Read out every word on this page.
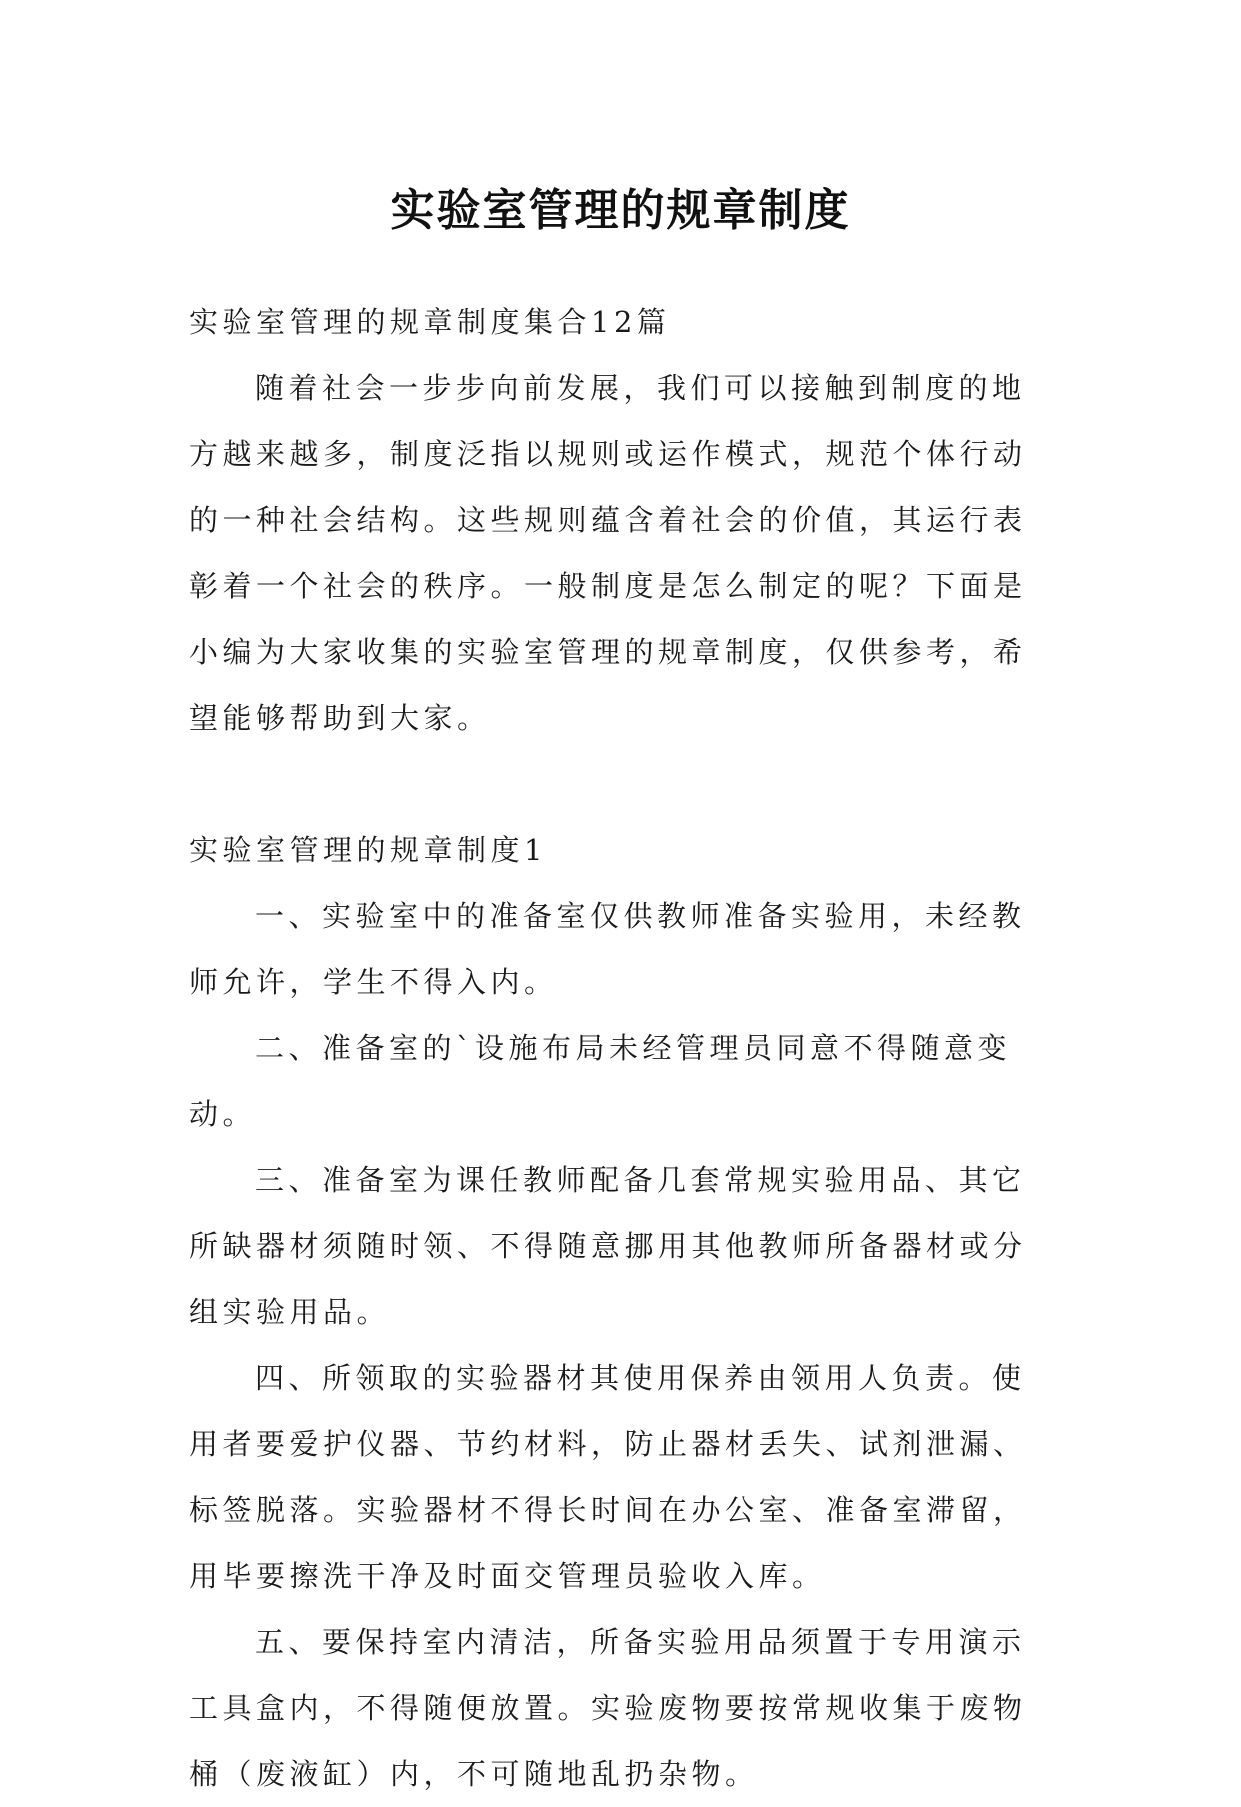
实验室管理的规章制度

实验室管理的规章制度集合12篇

随着社会一步步向前发展，我们可以接触到制度的地方越来越多，制度泛指以规则或运作模式，规范个体行动的一种社会结构。这些规则蕴含着社会的价值，其运行表彰着一个社会的秩序。一般制度是怎么制定的呢？下面是小编为大家收集的实验室管理的规章制度，仅供参考，希望能够帮助到大家。

实验室管理的规章制度1

一、实验室中的准备室仅供教师准备实验用，未经教师允许，学生不得入内。

二、准备室的`设施布局未经管理员同意不得随意变动。

三、准备室为课任教师配备几套常规实验用品、其它所缺器材须随时领、不得随意挪用其他教师所备器材或分组实验用品。

四、所领取的实验器材其使用保养由领用人负责。使用者要爱护仪器、节约材料，防止器材丢失、试剂泄漏、标签脱落。实验器材不得长时间在办公室、准备室滞留，用毕要擦洗干净及时面交管理员验收入库。

五、要保持室内清洁，所备实验用品须置于专用演示工具盒内，不得随便放置。实验废物要按常规收集于废物桶（废液缸）内，不可随地乱扔杂物。
